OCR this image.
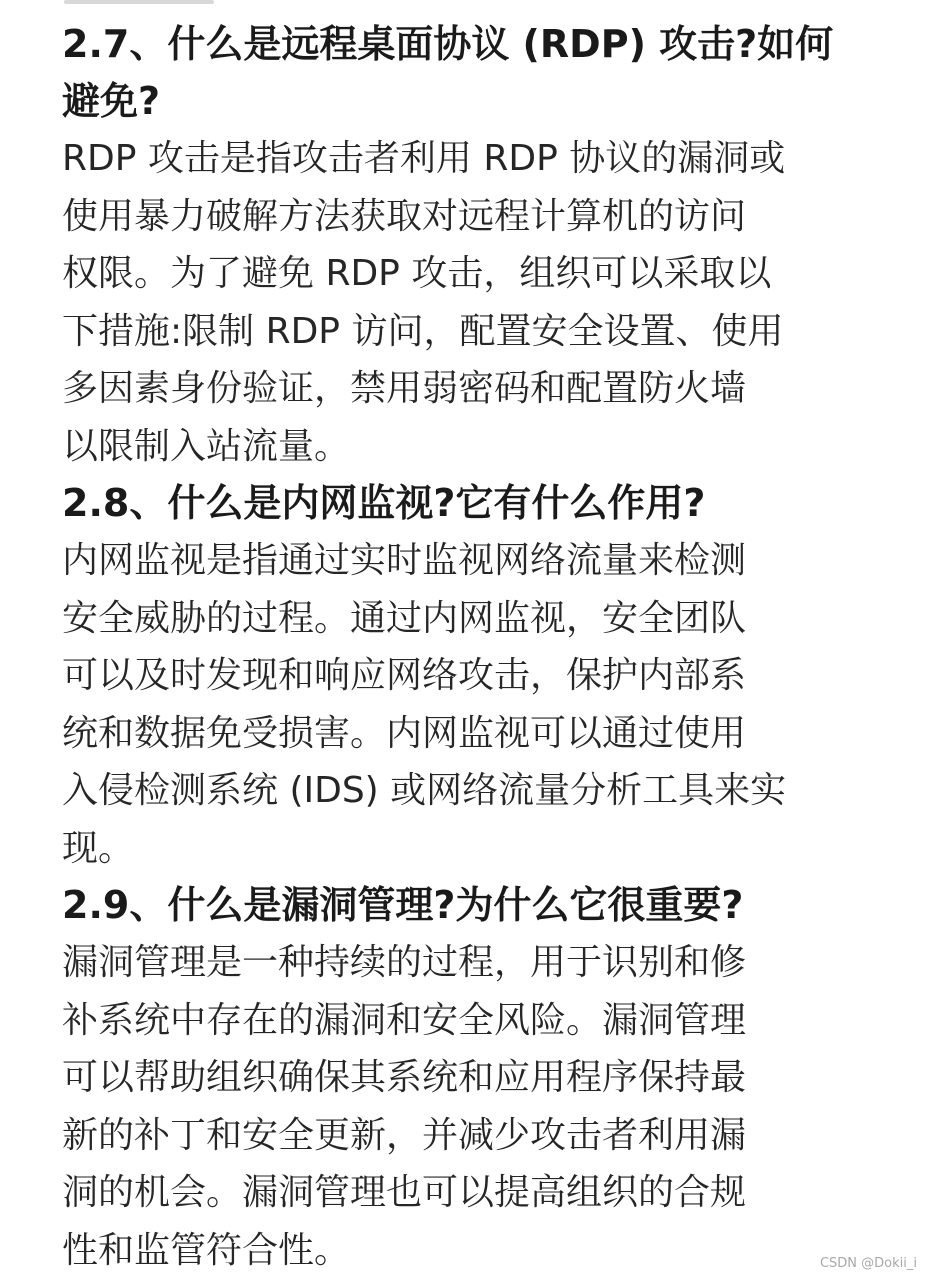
2.7、什么是远程桌面协议 (RDP) 攻击?如何
避免?

RDP 攻击是指攻击者利用 RDP 协议的漏洞或
使用暴力破解方法获取对远程计算机的访问
权限。为了避免 RDP 攻击，组织可以采取以
下措施:限制 RDP 访问，配置安全设置、使用
多因素身份验证，禁用弱密码和配置防火墙
以限制入站流量。

2.8、什么是内网监视?它有什么作用?

内网监视是指通过实时监视网络流量来检测
安全威胁的过程。通过内网监视，安全团队
可以及时发现和响应网络攻击，保护内部系
统和数据免受损害。内网监视可以通过使用
入侵检测系统 (IDS) 或网络流量分析工具来实
现。

2.9、什么是漏洞管理?为什么它很重要?

漏洞管理是一种持续的过程，用于识别和修
补系统中存在的漏洞和安全风险。漏洞管理
可以帮助组织确保其系统和应用程序保持最
新的补丁和安全更新，并减少攻击者利用漏
洞的机会。漏洞管理也可以提高组织的合规
性和监管符合性。	CSDN @Dokii_i
